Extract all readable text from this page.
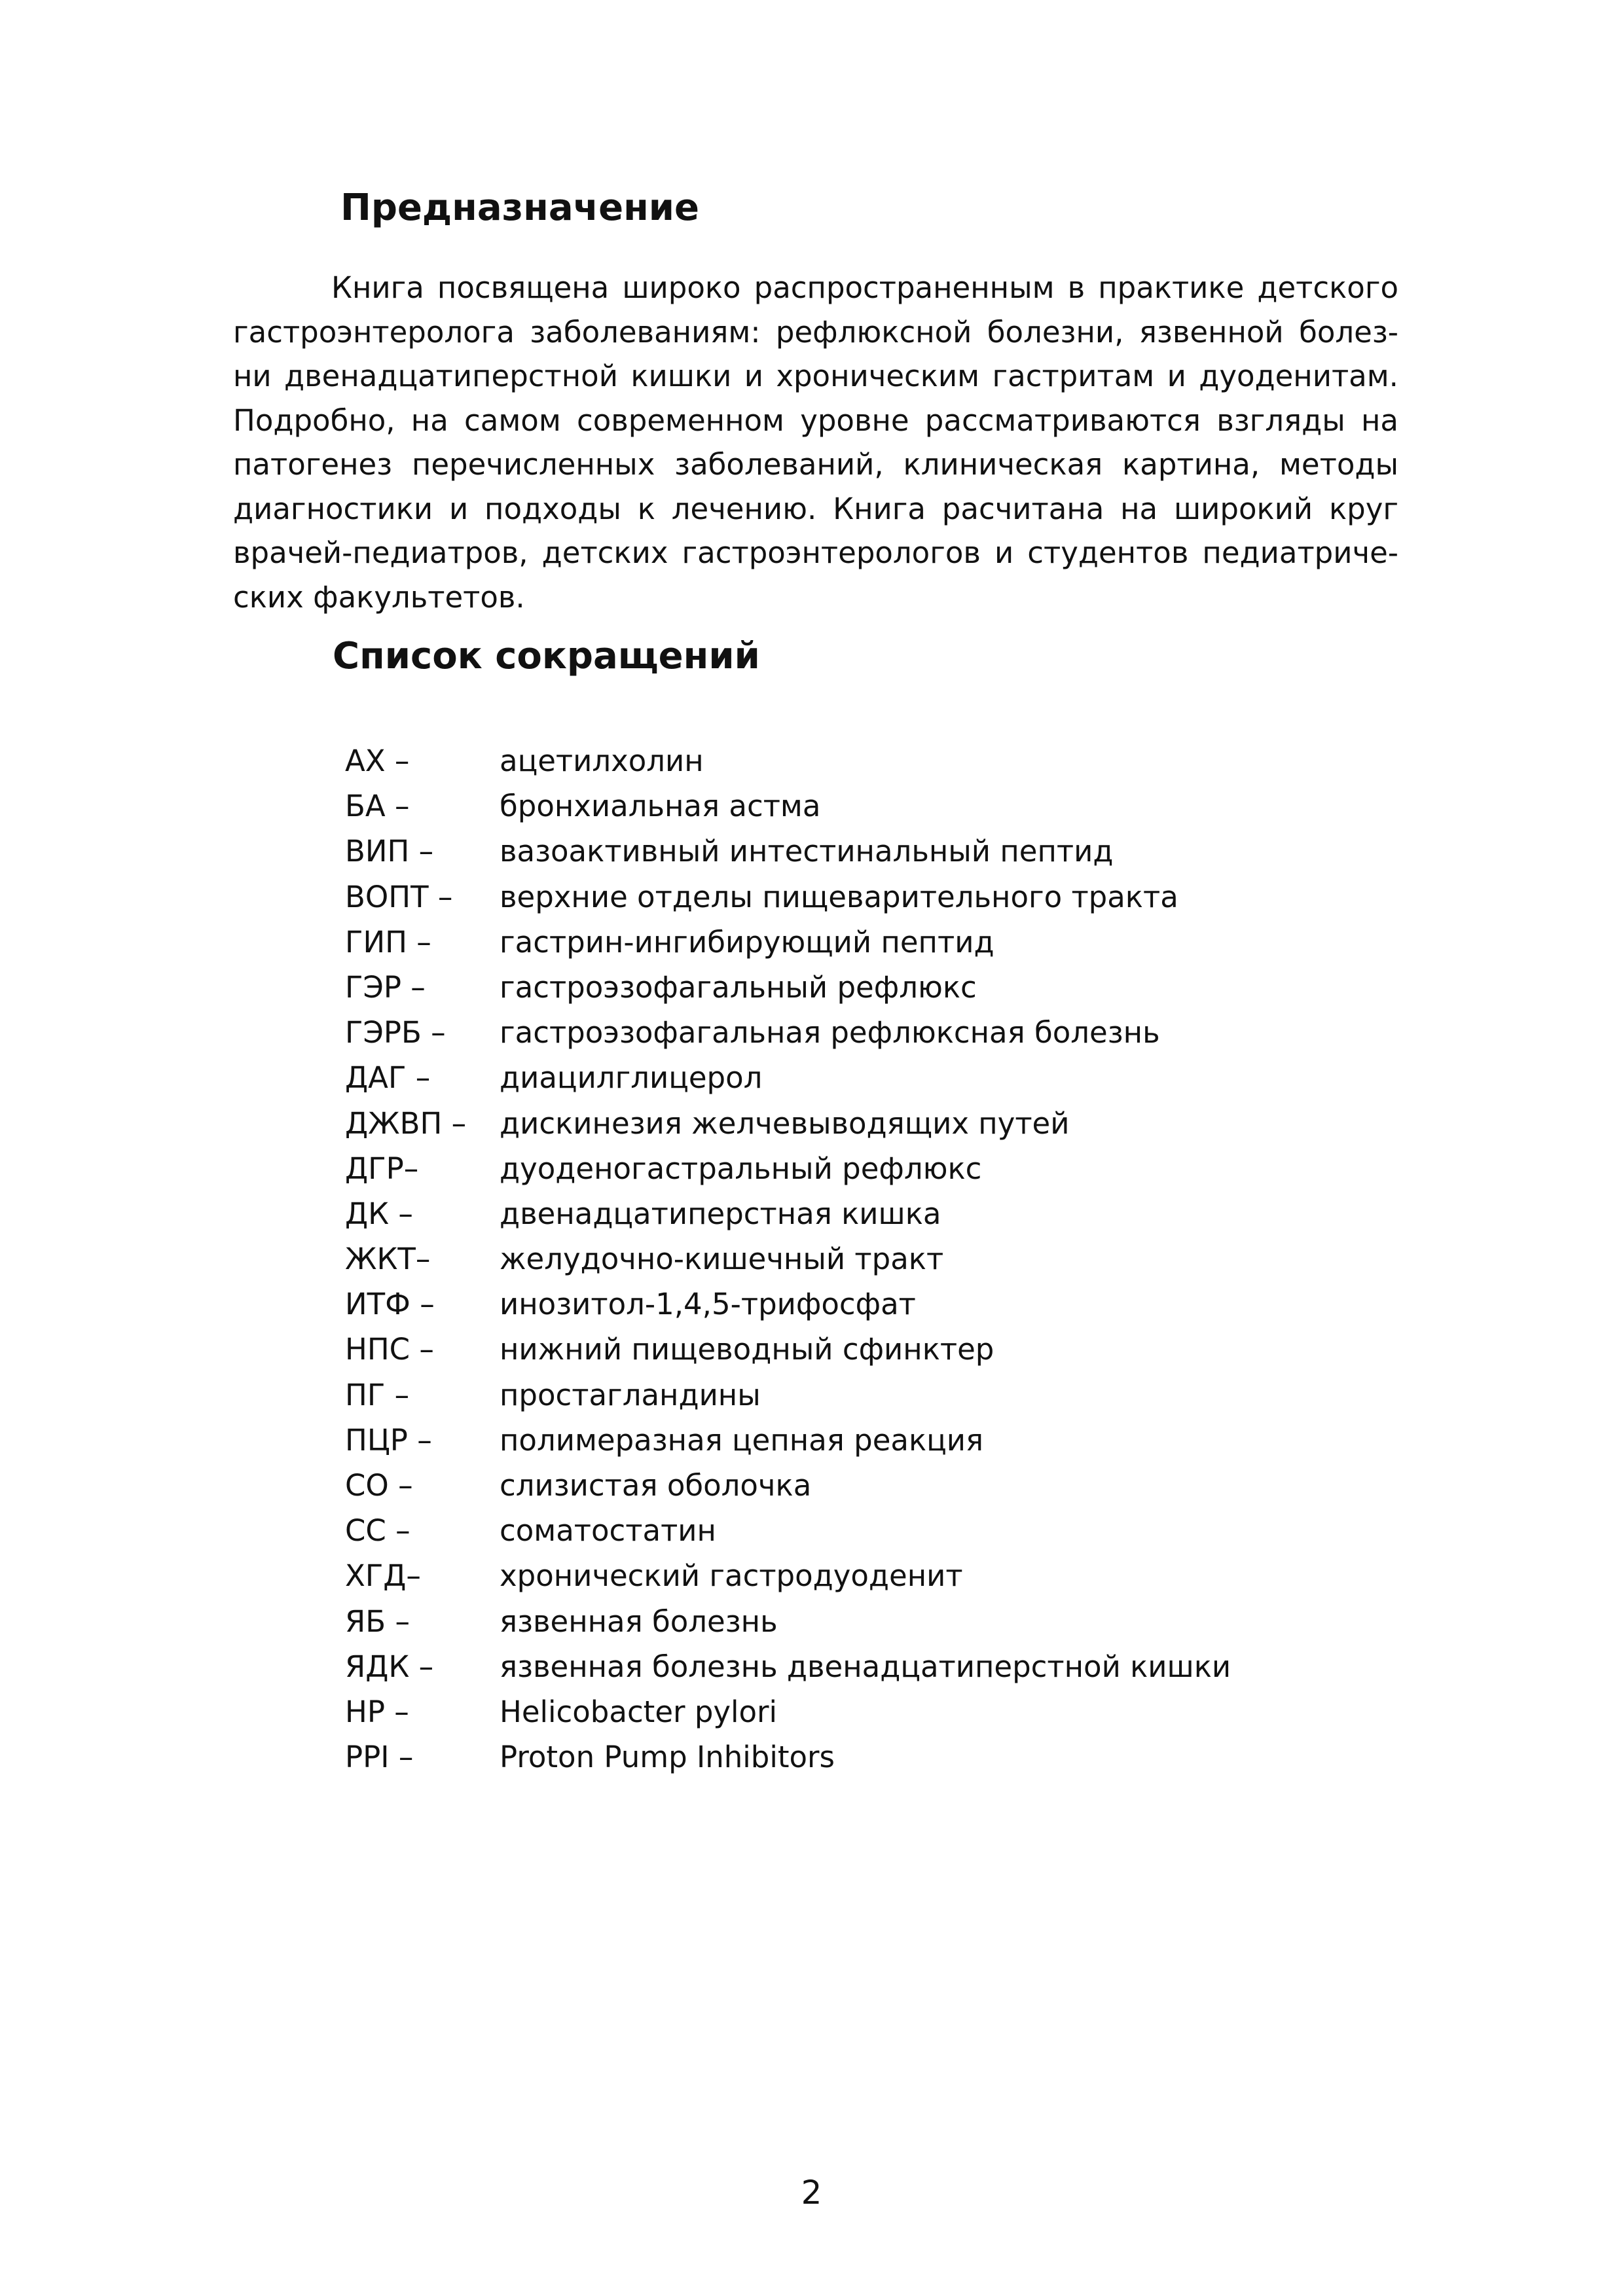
Предназначение

Книга посвящена широко распространенным в практике детского
гастроэнтеролога заболеваниям: рефлюксной болезни, язвенной болез-
ни двенадцатиперстной кишки и хроническим гастритам и дуоденитам.
Подробно, на самом современном уровне рассматриваются взгляды на
патогенез перечисленных заболеваний, клиническая картина, методы
диагностики и подходы к лечению. Книга расчитана на широкий круг
врачей-педиатров, детских гастроэнтерологов и студентов педиатриче-
ских факультетов.

Список сокращений
АХ –	ацетилхолин
БА –	бронхиальная астма
ВИП – вазоактивный интестинальный пептид
ВОПТ – верхние отделы пищеварительного тракта
ГИП – гастрин-ингибирующий пептид
ГЭР –	гастроэзофагальный рефлюкс
ГЭРБ – гастроэзофагальная рефлюксная болезнь
ДАГ – диацилглицерол
ДЖВП – дискинезия желчевыводящих путей
ДГР–	дуоденогастральный рефлюкс
ДК –	двенадцатиперстная кишка
ЖКТ– желудочно-кишечный тракт
ИТФ – инозитол-1,4,5-трифосфат
НПС – нижний пищеводный сфинктер
ПГ –	простагландины
ПЦР – полимеразная цепная реакция
СО –	слизистая оболочка
СС –	соматостатин
ХГД–	хронический гастродуоденит
ЯБ –	язвенная болезнь
ЯДК – язвенная болезнь двенадцатиперстной кишки
HP –	Helicobacter pylori
PPI –	Proton Pump Inhibitors
2
